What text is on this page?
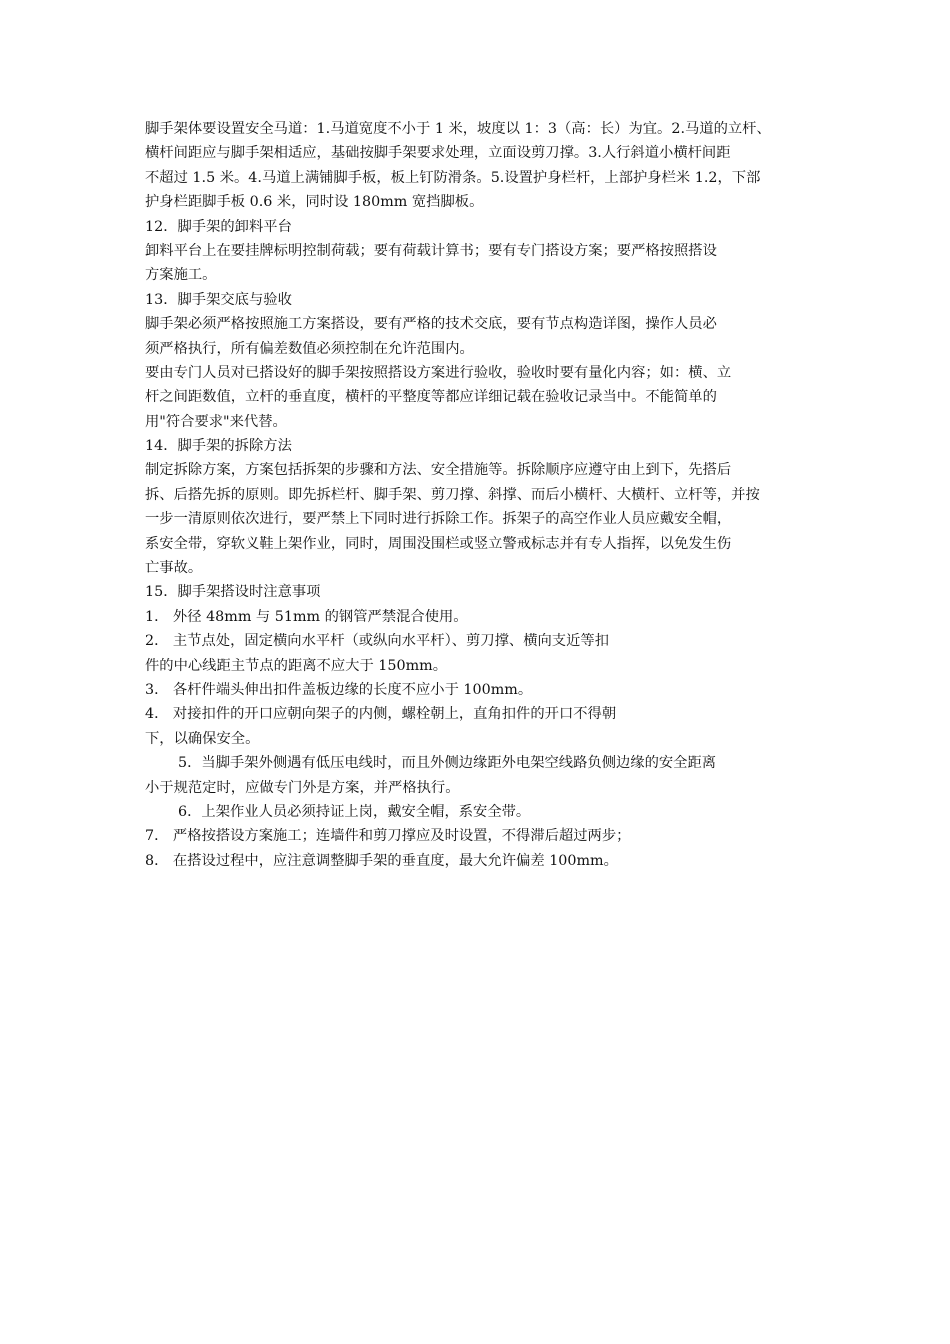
脚手架体要设置安全马道：1.马道宽度不小于 1 米，坡度以 1：3（高：长）为宜。2.马道的立杆、
横杆间距应与脚手架相适应，基础按脚手架要求处理，立面设剪刀撑。3.人行斜道小横杆间距
不超过 1.5 米。4.马道上满铺脚手板，板上钉防滑条。5.设置护身栏杆，上部护身栏米 1.2，下部
护身栏距脚手板 0.6 米，同时设 180mm 宽挡脚板。
12．脚手架的卸料平台
卸料平台上在要挂牌标明控制荷载；要有荷载计算书；要有专门搭设方案；要严格按照搭设
方案施工。
13．脚手架交底与验收
脚手架必须严格按照施工方案搭设，要有严格的技术交底，要有节点构造详图，操作人员必
须严格执行，所有偏差数值必须控制在允许范围内。
要由专门人员对已搭设好的脚手架按照搭设方案进行验收，验收时要有量化内容；如：横、立
杆之间距数值，立杆的垂直度，横杆的平整度等都应详细记载在验收记录当中。不能简单的
用"符合要求"来代替。
14．脚手架的拆除方法
制定拆除方案，方案包括拆架的步骤和方法、安全措施等。拆除顺序应遵守由上到下，先搭后
拆、后搭先拆的原则。即先拆栏杆、脚手架、剪刀撑、斜撑、而后小横杆、大横杆、立杆等，并按
一步一清原则依次进行，要严禁上下同时进行拆除工作。拆架子的高空作业人员应戴安全帽，
系安全带，穿软义鞋上架作业，同时，周围没围栏或竖立警戒标志并有专人指挥，以免发生伤
亡事故。
15．脚手架搭设时注意事项
1． 外径 48mm 与 51mm 的钢管严禁混合使用。
2． 主节点处，固定横向水平杆（或纵向水平杆）、剪刀撑、横向支近等扣
件的中心线距主节点的距离不应大于 150mm。
3． 各杆件端头伸出扣件盖板边缘的长度不应小于 100mm。
4． 对接扣件的开口应朝向架子的内侧，螺栓朝上，直角扣件的开口不得朝
下，以确保安全。
5．当脚手架外侧遇有低压电线时，而且外侧边缘距外电架空线路负侧边缘的安全距离
小于规范定时，应做专门外是方案，并严格执行。
6．上架作业人员必须持证上岗，戴安全帽，系安全带。
7． 严格按搭设方案施工；连墙件和剪刀撑应及时设置，不得滞后超过两步；
8． 在搭设过程中，应注意调整脚手架的垂直度，最大允许偏差 100mm。
